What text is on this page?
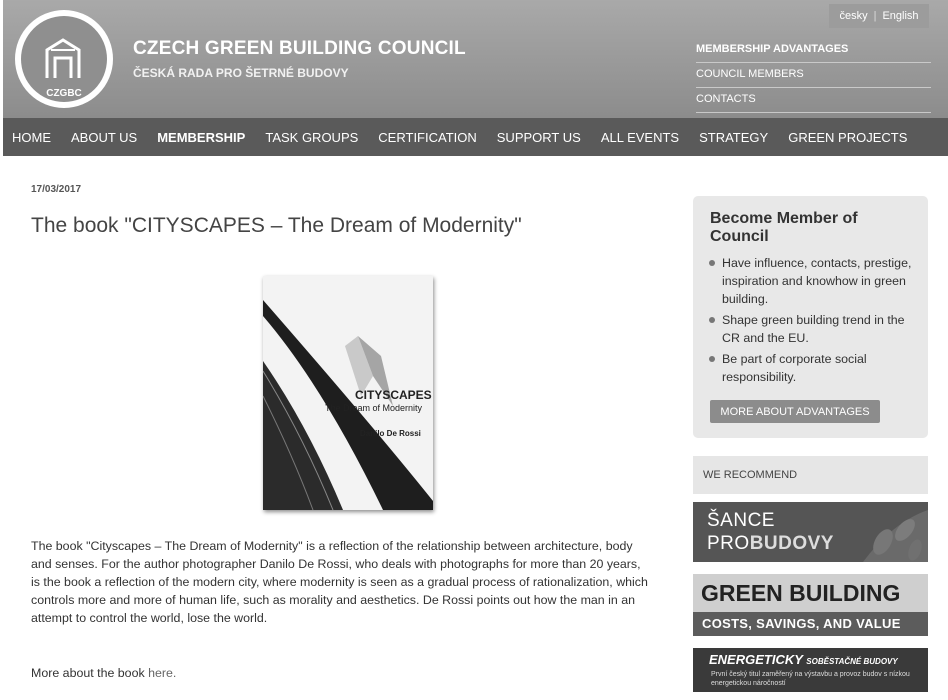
CZGBC
CZECH GREEN BUILDING COUNCIL
ČESKÁ RADA PRO ŠETRNÉ BUDOVY
česky | English
MEMBERSHIP ADVANTAGES
COUNCIL MEMBERS
CONTACTS
HOME ABOUT US MEMBERSHIP TASK GROUPS CERTIFICATION SUPPORT US ALL EVENTS STRATEGY GREEN PROJECTS
17/03/2017
The book "CITYSCAPES – The Dream of Modernity"
CITYSCAPES
The Dream of Modernity
Danilo De Rossi

The book "Cityscapes – The Dream of Modernity" is a reflection of the relationship between architecture, body and senses. For the author photographer Danilo De Rossi, who deals with photographs for more than 20 years, is the book a reflection of the modern city, where modernity is seen as a gradual process of rationalization, which controls more and more of human life, such as morality and aesthetics. De Rossi points out how the man in an attempt to control the world, lose the world.

More about the book here.
Become Member of Council
Have influence, contacts, prestige, inspiration and knowhow in green building.
Shape green building trend in the CR and the EU.
Be part of corporate social responsibility.
MORE ABOUT ADVANTAGES
WE RECOMMEND
ŠANCE
PROBUDOVY
GREEN BUILDING
COSTS, SAVINGS, AND VALUE
ENERGETICKY SOBĚSTAČNÉ BUDOVY
První český titul zaměřený na výstavbu a provoz budov s nízkou energetickou náročností
